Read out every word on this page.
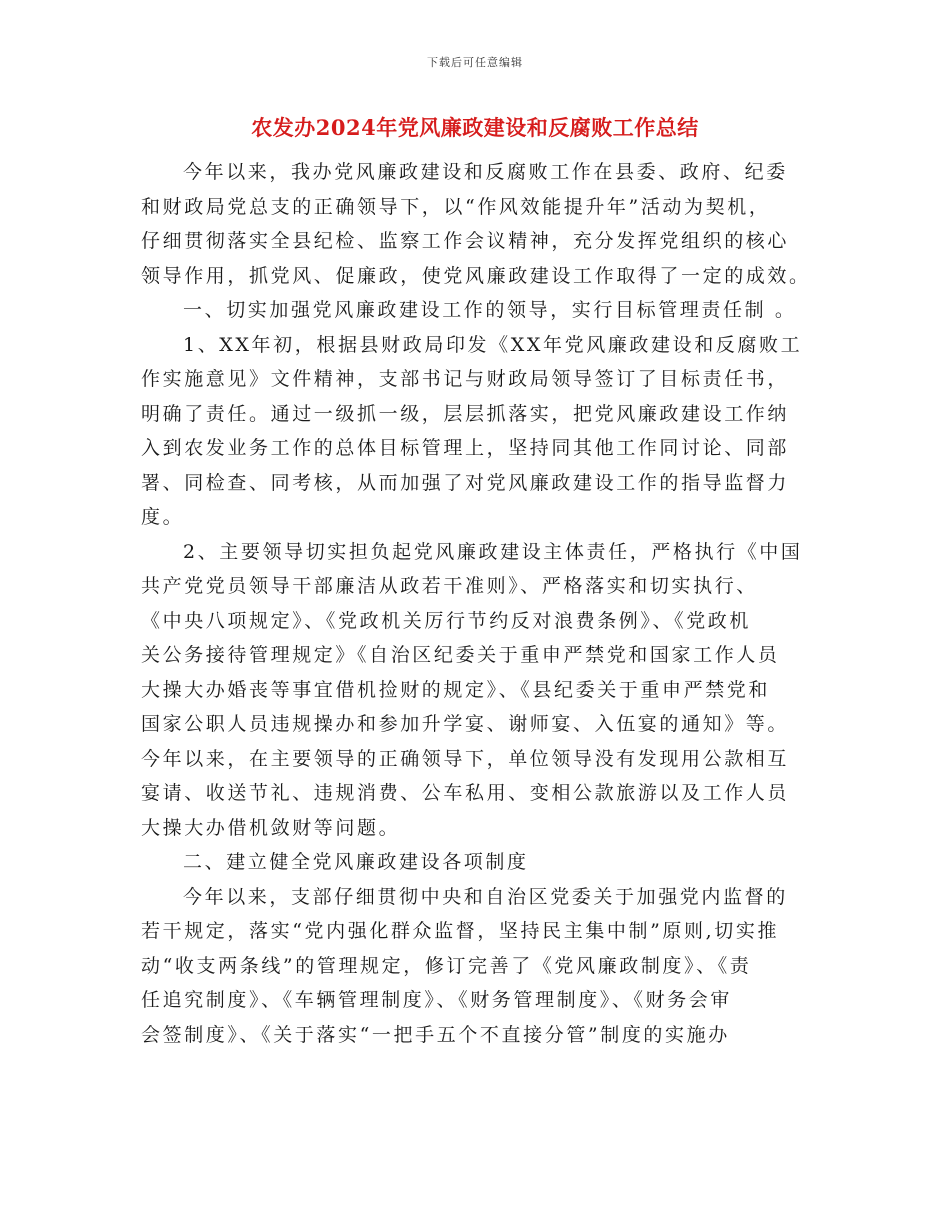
下载后可任意编辑
农发办2024年党风廉政建设和反腐败工作总结
今年以来，我办党风廉政建设和反腐败工作在县委、政府、纪委
和财政局党总支的正确领导下，以“作风效能提升年”活动为契机，
仔细贯彻落实全县纪检、监察工作会议精神，充分发挥党组织的核心
领导作用，抓党风、促廉政，使党风廉政建设工作取得了一定的成效。
一、切实加强党风廉政建设工作的领导，实行目标管理责任制 。
1、XX年初，根据县财政局印发《XX年党风廉政建设和反腐败工
作实施意见》文件精神，支部书记与财政局领导签订了目标责任书，
明确了责任。通过一级抓一级，层层抓落实，把党风廉政建设工作纳
入到农发业务工作的总体目标管理上，坚持同其他工作同讨论、同部
署、同检查、同考核，从而加强了对党风廉政建设工作的指导监督力
度。
2、主要领导切实担负起党风廉政建设主体责任，严格执行《中国
共产党党员领导干部廉洁从政若干准则》、严格落实和切实执行、
《中央八项规定》、《党政机关厉行节约反对浪费条例》、《党政机
关公务接待管理规定》《自治区纪委关于重申严禁党和国家工作人员
大操大办婚丧等事宜借机捡财的规定》、《县纪委关于重申严禁党和
国家公职人员违规操办和参加升学宴、谢师宴、入伍宴的通知》等。
今年以来，在主要领导的正确领导下，单位领导没有发现用公款相互
宴请、收送节礼、违规消费、公车私用、变相公款旅游以及工作人员
大操大办借机敛财等问题。
二、建立健全党风廉政建设各项制度
今年以来，支部仔细贯彻中央和自治区党委关于加强党内监督的
若干规定，落实“党内强化群众监督，坚持民主集中制”原则,切实推
动“收支两条线”的管理规定，修订完善了《党风廉政制度》、《责
任追究制度》、《车辆管理制度》、《财务管理制度》、《财务会审
会签制度》、《关于落实“一把手五个不直接分管”制度的实施办
